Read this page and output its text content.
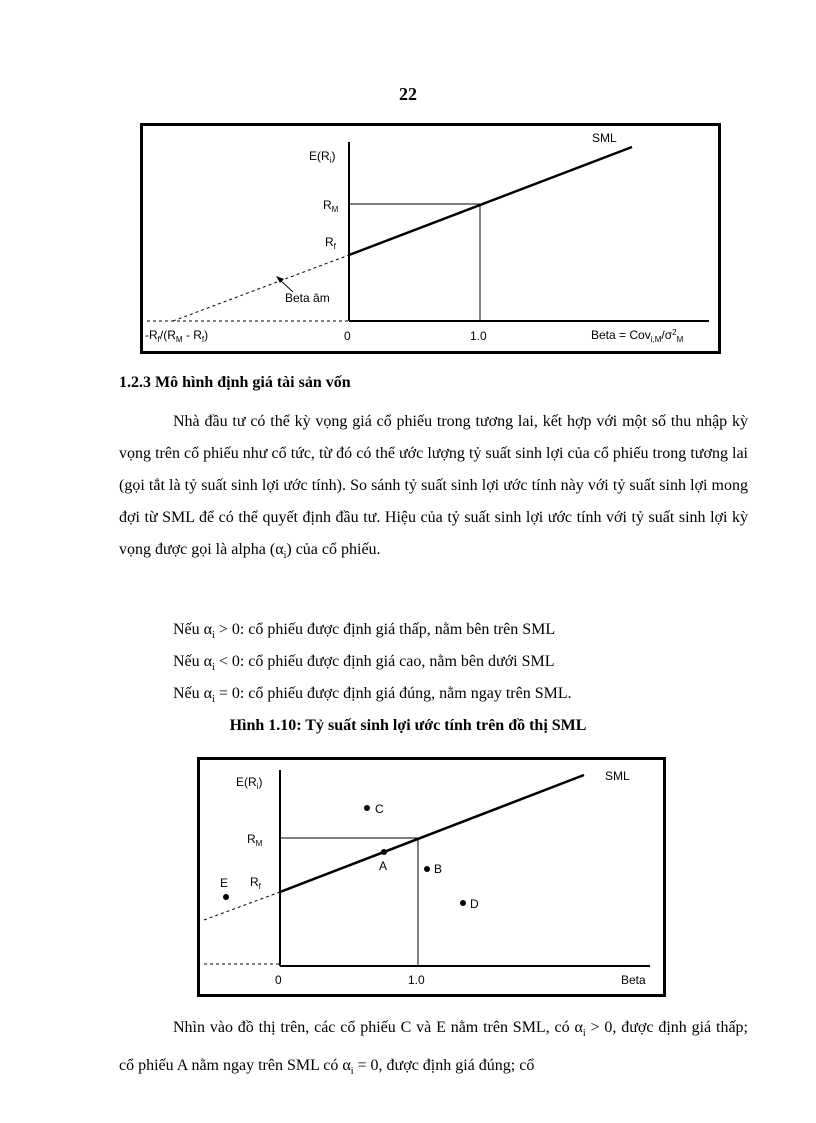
22
$E(R_i)$
SML
$R_M$
$R_f$
Beta âm
$-R_f/(R_M - R_f)$	0	1.0	Beta = $Cov_{i,M}/\sigma^2_M$
1.2.3 Mô hình định giá tài sản vốn

Nhà đầu tư có thể kỳ vọng giá cổ phiếu trong tương lai, kết hợp với một số thu nhập kỳ vọng trên cổ phiếu như cổ tức, từ đó có thể ước lượng tỷ suất sinh lợi của cổ phiếu trong tương lai (gọi tắt là tỷ suất sinh lợi ước tính). So sánh tỷ suất sinh lợi ước tính này với tỷ suất sinh lợi mong đợi từ SML để có thể quyết định đầu tư. Hiệu của tỷ suất sinh lợi ước tính với tỷ suất sinh lợi kỳ vọng được gọi là alpha $(\alpha_i)$ của cổ phiếu.

Nếu $\alpha_i > 0$: cổ phiếu được định giá thấp, nằm bên trên SML

Nếu $\alpha_i < 0$: cổ phiếu được định giá cao, nằm bên dưới SML

Nếu $\alpha_i = 0$: cổ phiếu được định giá đúng, nằm ngay trên SML.

Hình 1.10: Tỷ suất sinh lợi ước tính trên đồ thị SML
A	B
C
D
E
$E(R_i)$	SML
$R_M$
$R_f$
0	1.0	Beta

Nhìn vào đồ thị trên, các cổ phiếu C và E nằm trên SML, có $\alpha_i > 0$, được định giá thấp; cổ phiếu A nằm ngay trên SML có $\alpha_i = 0$, được định giá đúng; cổ
